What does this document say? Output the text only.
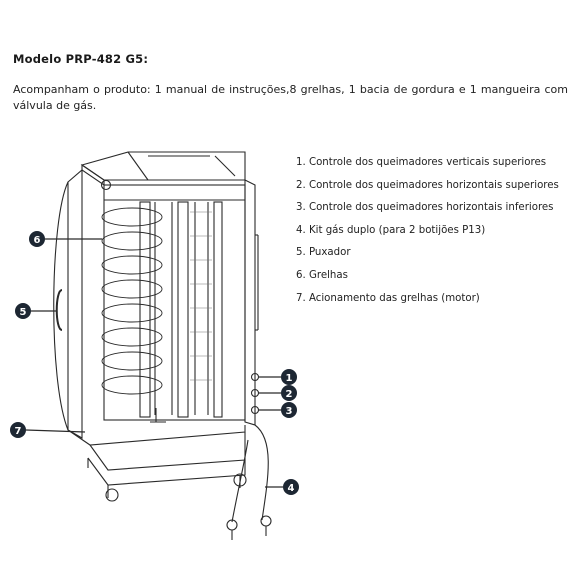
Modelo PRP-482 G5:
Acompanham o produto: 1 manual de instruções,8 grelhas, 1 bacia de gordura e 1 mangueira com válvula de gás.
1. Controle dos queimadores verticais superiores
2. Controle dos queimadores horizontais superiores
3. Controle dos queimadores horizontais inferiores
4. Kit gás duplo (para 2 botijões P13)
5. Puxador
6. Grelhas
7. Acionamento das grelhas (motor)
6
5
7
1
2
3
4
